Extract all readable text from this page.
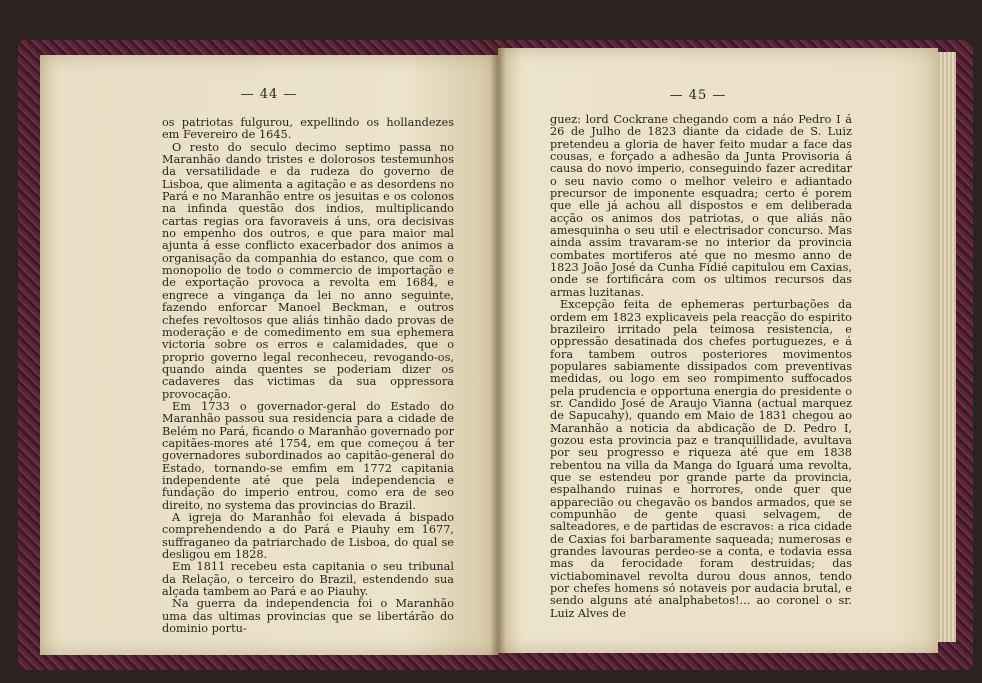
— 44 —

os patriotas fulgurou, expellindo os hollandezes em Fevereiro de 1645.

O resto do seculo decimo septimo passa no Maranhão dando tristes e dolorosos testemunhos da versatilidade e da rudeza do governo de Lisboa, que alimenta a agitação e as desordens no Pará e no Maranhão entre os jesuitas e os colonos na infinda questão dos indios, multiplicando cartas regias ora favoraveis á uns, ora decisivas no empenho dos outros, e que para maior mal ajunta á esse conflicto exacerbador dos animos a organisação da companhia do estanco, que com o monopolio de todo o commercio de importação e de exportação provoca a revolta em 1684, e engrece a vingança da lei no anno seguinte, fazendo enforcar Manoel Beckman, e outros chefes revoltosos que aliás tinhão dado provas de moderação e de comedimento em sua ephemera victoria sobre os erros e calamidades, que o proprio governo legal reconheceu, revogando-os, quando ainda quentes se poderiam dizer os cadaveres das victimas da sua oppressora provocação.

Em 1733 o governador-geral do Estado do Maranhão passou sua residencia para a cidade de Belém no Pará, ficando o Maranhão governado por capitães-mores até 1754, em que começou á ter governadores subordinados ao capitão-general do Estado, tornando-se emfim em 1772 capitania independente até que pela independencia e fundação do imperio entrou, como era de seo direito, no systema das provincias do Brazil.

A igreja do Maranhão foi elevada á bispado comprehendendo a do Pará e Piauhy em 1677, suffraganeo da patriarchado de Lisboa, do qual se desligou em 1828.

Em 1811 recebeu esta capitania o seu tribunal da Relação, o terceiro do Brazil, estendendo sua alçada tambem ao Pará e ao Piauhy.

Na guerra da independencia foi o Maranhão uma das ultimas provincias que se libertárão do dominio portu-

— 45 —

guez: lord Cockrane chegando com a náo Pedro I á 26 de Julho de 1823 diante da cidade de S. Luiz pretendeu a gloria de haver feito mudar a face das cousas, e forçado a adhesão da Junta Provisoria á causa do novo imperio, conseguindo fazer acreditar o seu navio como o melhor veleiro e adiantado precursor de imponente esquadra; certo é porem que elle já achou all dispostos e em deliberada acção os animos dos patriotas, o que aliás não amesquinha o seu util e electrisador concurso. Mas ainda assim travaram-se no interior da provincia combates mortiferos até que no mesmo anno de 1823 João José da Cunha Fidié capitulou em Caxias, onde se fortificára com os ultimos recursos das armas luzitanas.

Excepção feita de ephemeras perturbações da ordem em 1823 explicaveis pela reacção do espirito brazileiro irritado pela teimosa resistencia, e oppressão desatinada dos chefes portuguezes, e á fora tambem outros posteriores movimentos populares sabiamente dissipados com preventivas medidas, ou logo em seo rompimento suffocados pela prudencia e opportuna energia do presidente o sr. Candido José de Araujo Vianna (actual marquez de Sapucahy), quando em Maio de 1831 chegou ao Maranhão a noticia da abdicação de D. Pedro I, gozou esta provincia paz e tranquillidade, avultava por seu progresso e riqueza até que em 1838 rebentou na villa da Manga do Iguará uma revolta, que se estendeu por grande parte da provincia, espalhando ruinas e horrores, onde quer que apparecião ou chegavão os bandos armados, que se compunhão de gente quasi selvagem, de salteadores, e de partidas de escravos: a rica cidade de Caxias foi barbaramente saqueada; numerosas e grandes lavouras perdeo-se a conta, e todavia essa mas da ferocidade foram destruidas; das victiabominavel revolta durou dous annos, tendo por chefes homens só notaveis por audacia brutal, e sendo alguns até analphabetos!... ao coronel o sr. Luiz Alves de
